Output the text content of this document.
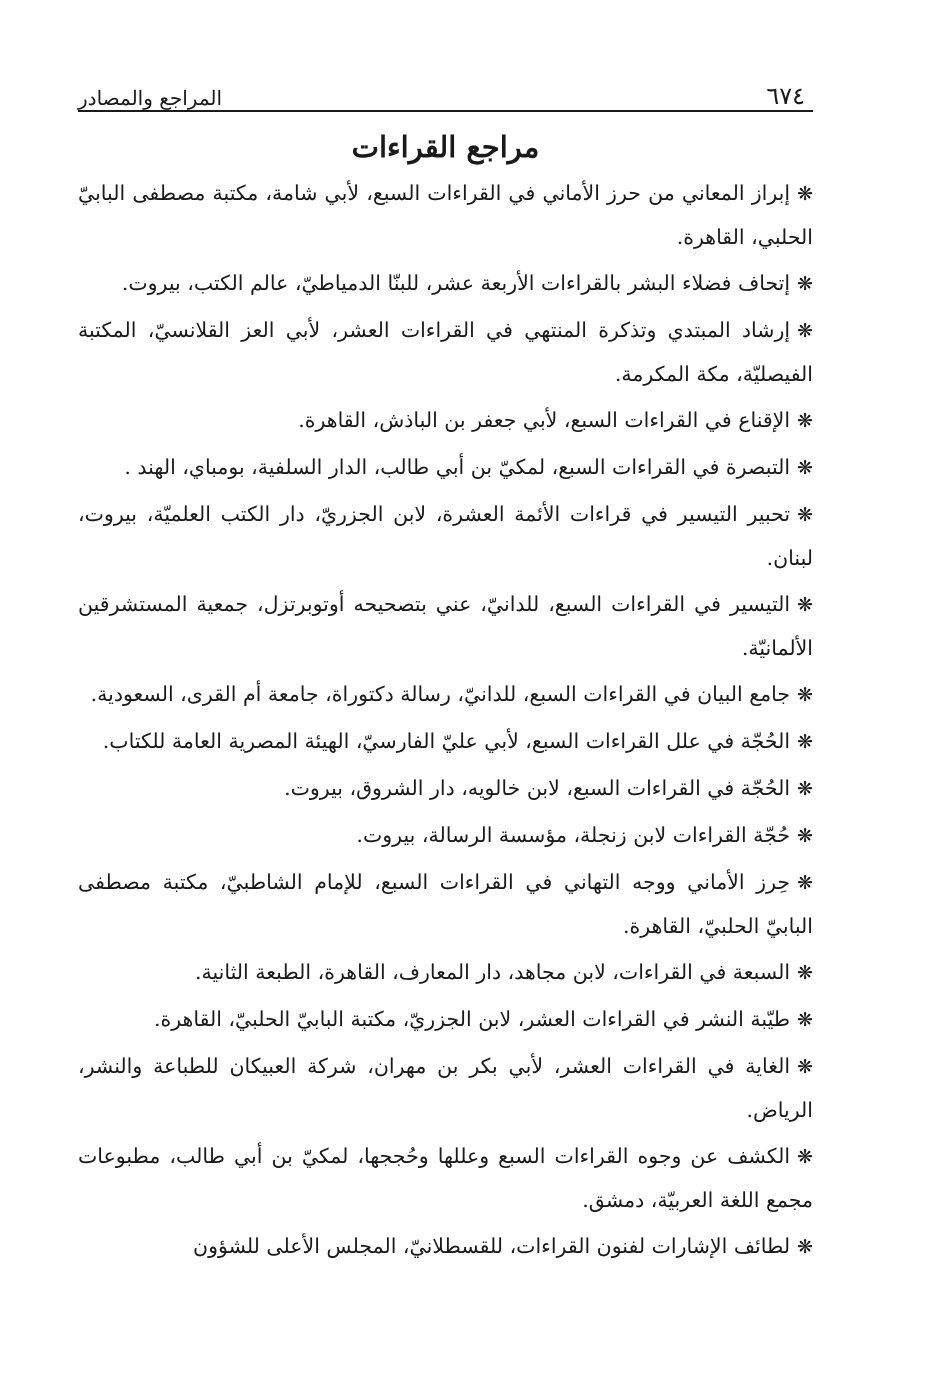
٦٧٤
المراجع والمصادر
مراجع القراءات
❋إبراز المعاني من حرز الأماني في القراءات السبع، لأبي شامة، مكتبة مصطفى البابيّ الحلبي، القاهرة.
❋إتحاف فضلاء البشر بالقراءات الأربعة عشر، للبنّا الدمياطيّ، عالم الكتب، بيروت.
❋إرشاد المبتدي وتذكرة المنتهي في القراءات العشر، لأبي العز القلانسيّ، المكتبة الفيصليّة، مكة المكرمة.
❋الإقناع في القراءات السبع، لأبي جعفر بن الباذش، القاهرة.
❋التبصرة في القراءات السبع، لمكيّ بن أبي طالب، الدار السلفية، بومباي، الهند .
❋تحبير التيسير في قراءات الأئمة العشرة، لابن الجزريّ، دار الكتب العلميّة، بيروت، لبنان.
❋التيسير في القراءات السبع، للدانيّ، عني بتصحيحه أوتوبرتزل، جمعية المستشرقين الألمانيّة.
❋جامع البيان في القراءات السبع، للدانيّ، رسالة دكتوراة، جامعة أم القرى، السعودية.
❋الحُجّة في علل القراءات السبع، لأبي عليّ الفارسيّ، الهيئة المصرية العامة للكتاب.
❋الحُجّة في القراءات السبع، لابن خالويه، دار الشروق، بيروت.
❋حُجّة القراءات لابن زنجلة، مؤسسة الرسالة، بيروت.
❋حِرز الأماني ووجه التهاني في القراءات السبع، للإمام الشاطبيّ، مكتبة مصطفى البابيّ الحلبيّ، القاهرة.
❋السبعة في القراءات، لابن مجاهد، دار المعارف، القاهرة، الطبعة الثانية.
❋طيّبة النشر في القراءات العشر، لابن الجزريّ، مكتبة البابيّ الحلبيّ، القاهرة.
❋الغاية في القراءات العشر، لأبي بكر بن مهران، شركة العبيكان للطباعة والنشر، الرياض.
❋الكشف عن وجوه القراءات السبع وعللها وحُججها، لمكيّ بن أبي طالب، مطبوعات مجمع اللغة العربيّة، دمشق.
❋لطائف الإشارات لفنون القراءات، للقسطلانيّ، المجلس الأعلى للشؤون
